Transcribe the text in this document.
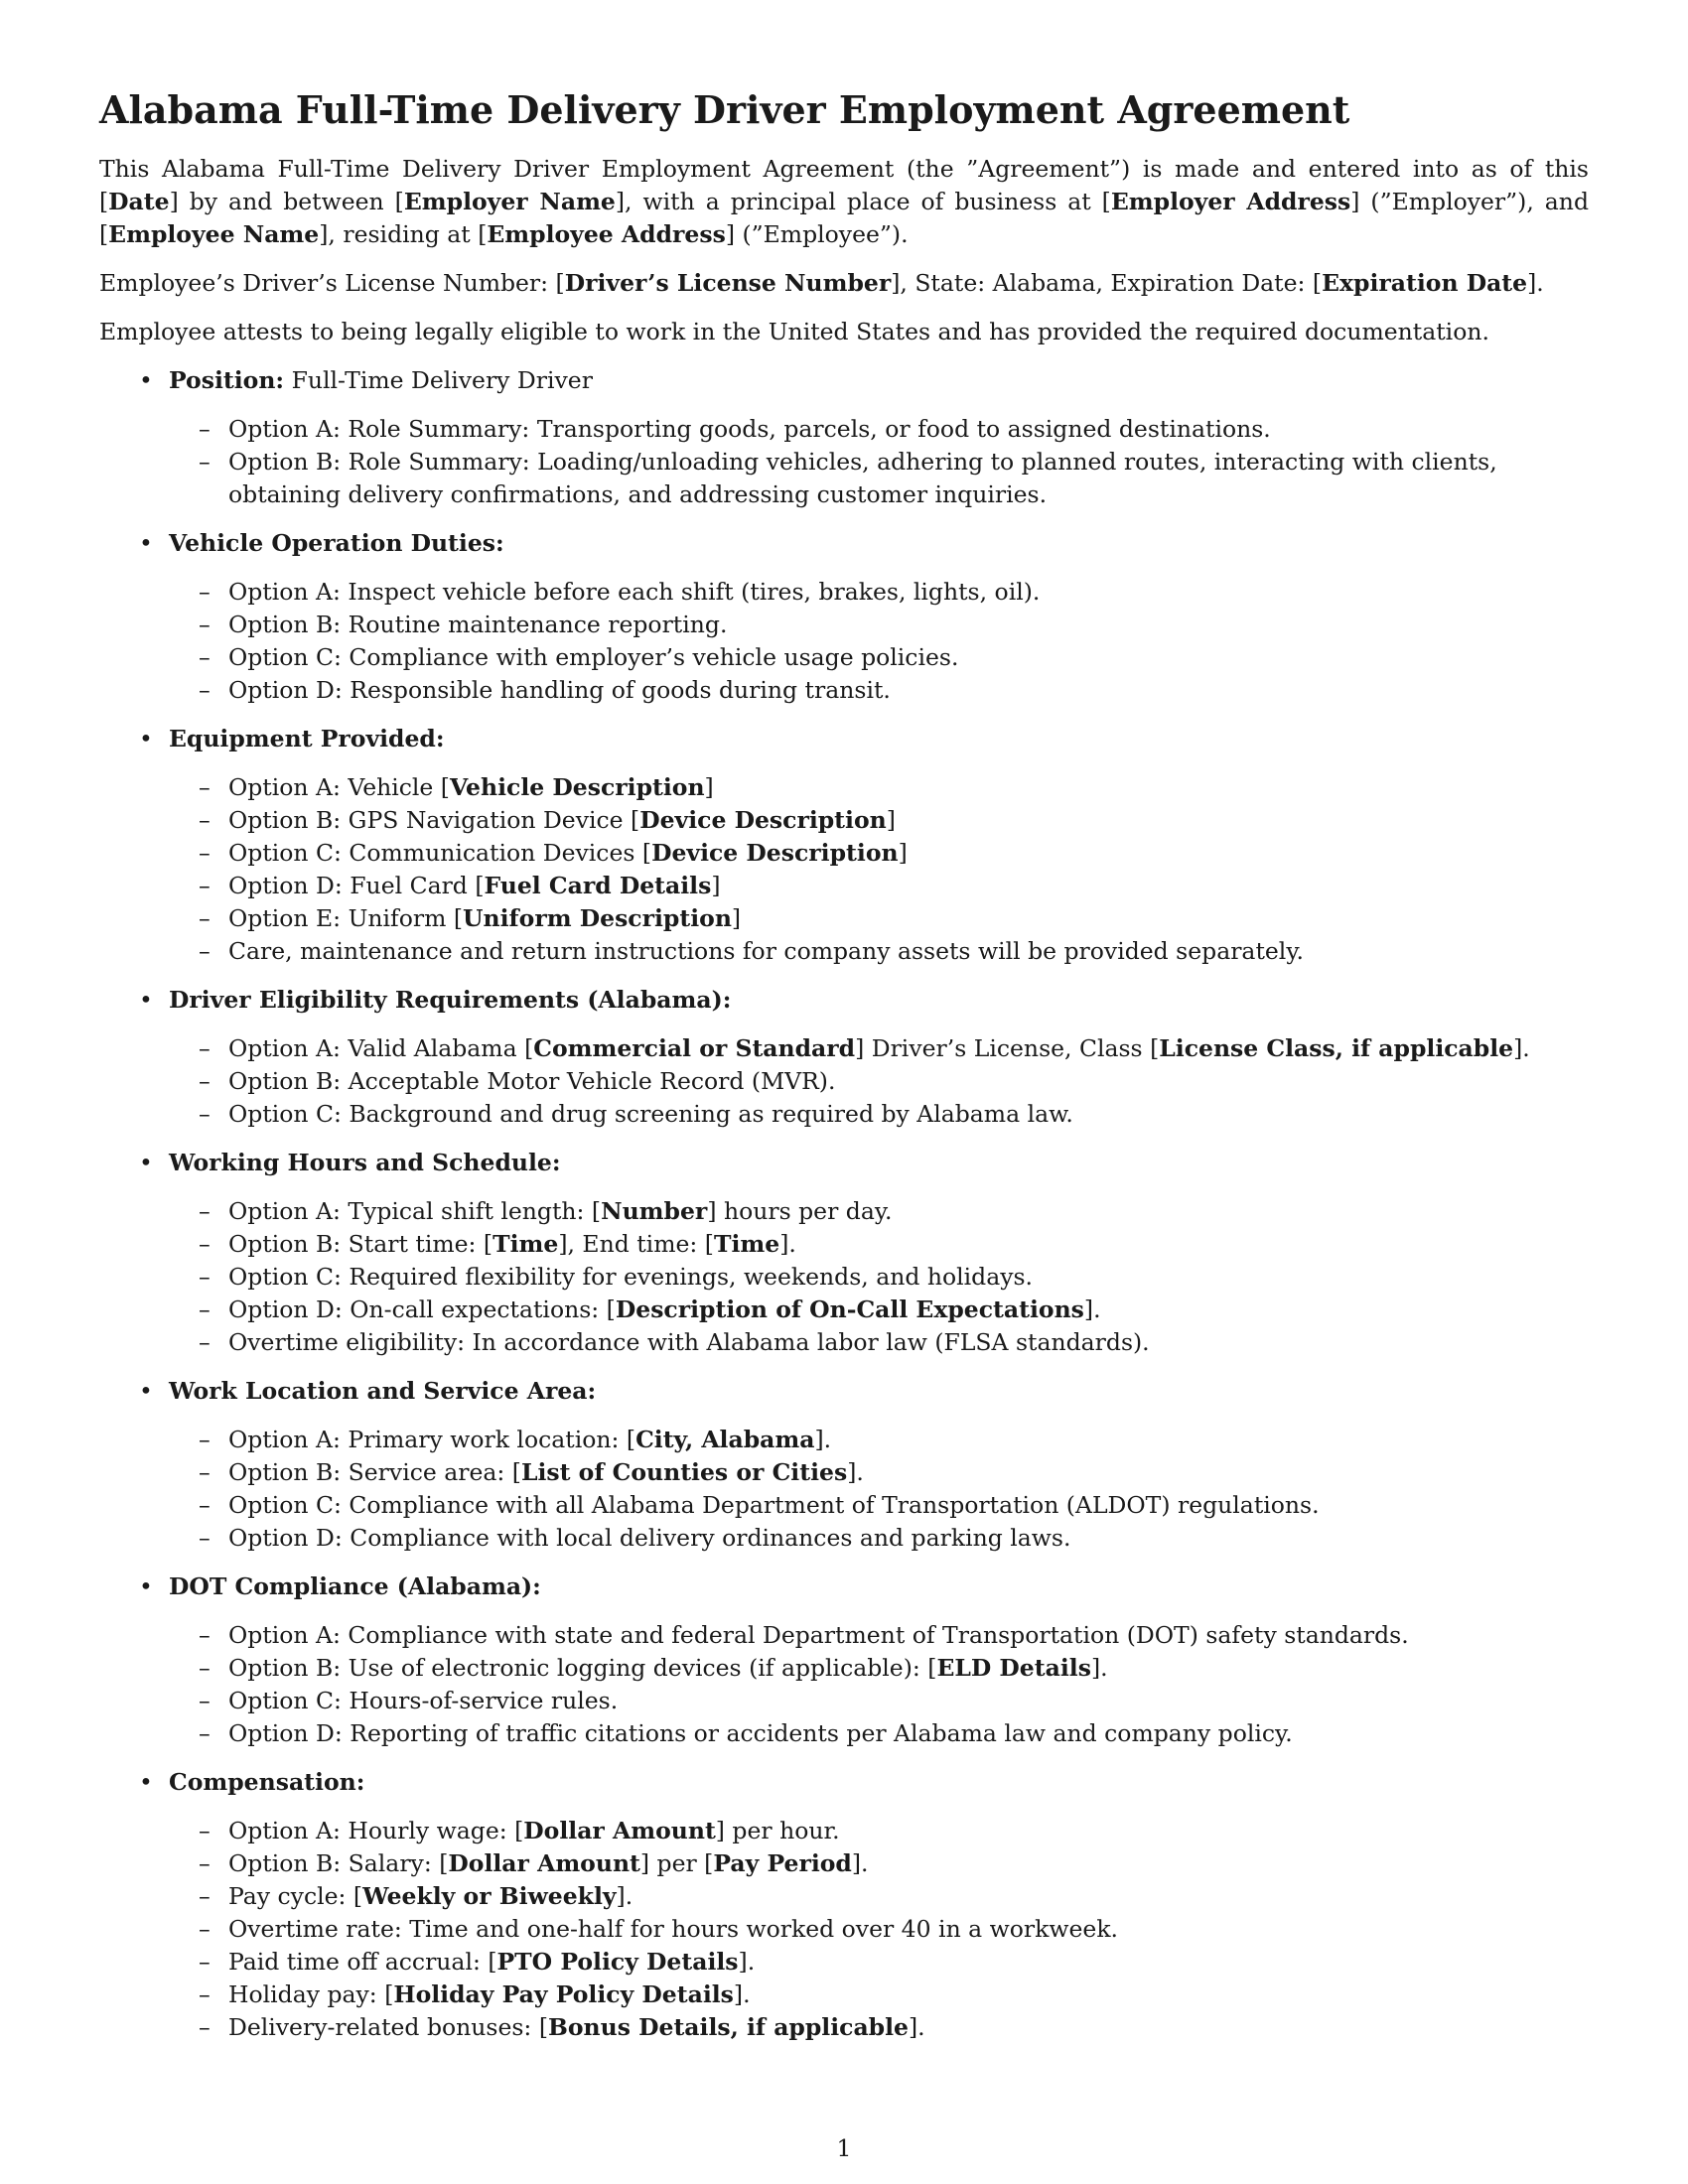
Alabama Full-Time Delivery Driver Employment Agreement

This Alabama Full-Time Delivery Driver Employment Agreement (the ”Agreement”) is made and entered into as of this [Date] by and between [Employer Name], with a principal place of business at [Employer Address] (”Employer”), and [Employee Name], residing at [Employee Address] (”Employee”).

Employee’s Driver’s License Number: [Driver’s License Number], State: Alabama, Expiration Date: [Expiration Date].

Employee attests to being legally eligible to work in the United States and has provided the required documentation.

• Position: Full-Time Delivery Driver
– Option A: Role Summary: Transporting goods, parcels, or food to assigned destinations.
– Option B: Role Summary: Loading/unloading vehicles, adhering to planned routes, interacting with clients, obtaining delivery confirmations, and addressing customer inquiries.
• Vehicle Operation Duties:
– Option A: Inspect vehicle before each shift (tires, brakes, lights, oil).
– Option B: Routine maintenance reporting.
– Option C: Compliance with employer’s vehicle usage policies.
– Option D: Responsible handling of goods during transit.
• Equipment Provided:
– Option A: Vehicle [Vehicle Description]
– Option B: GPS Navigation Device [Device Description]
– Option C: Communication Devices [Device Description]
– Option D: Fuel Card [Fuel Card Details]
– Option E: Uniform [Uniform Description]
– Care, maintenance and return instructions for company assets will be provided separately.
• Driver Eligibility Requirements (Alabama):
– Option A: Valid Alabama [Commercial or Standard] Driver’s License, Class [License Class, if applicable].
– Option B: Acceptable Motor Vehicle Record (MVR).
– Option C: Background and drug screening as required by Alabama law.
• Working Hours and Schedule:
– Option A: Typical shift length: [Number] hours per day.
– Option B: Start time: [Time], End time: [Time].
– Option C: Required flexibility for evenings, weekends, and holidays.
– Option D: On-call expectations: [Description of On-Call Expectations].
– Overtime eligibility: In accordance with Alabama labor law (FLSA standards).
• Work Location and Service Area:
– Option A: Primary work location: [City, Alabama].
– Option B: Service area: [List of Counties or Cities].
– Option C: Compliance with all Alabama Department of Transportation (ALDOT) regulations.
– Option D: Compliance with local delivery ordinances and parking laws.
• DOT Compliance (Alabama):
– Option A: Compliance with state and federal Department of Transportation (DOT) safety standards.
– Option B: Use of electronic logging devices (if applicable): [ELD Details].
– Option C: Hours-of-service rules.
– Option D: Reporting of traffic citations or accidents per Alabama law and company policy.
• Compensation:
– Option A: Hourly wage: [Dollar Amount] per hour.
– Option B: Salary: [Dollar Amount] per [Pay Period].
– Pay cycle: [Weekly or Biweekly].
– Overtime rate: Time and one-half for hours worked over 40 in a workweek.
– Paid time off accrual: [PTO Policy Details].
– Holiday pay: [Holiday Pay Policy Details].
– Delivery-related bonuses: [Bonus Details, if applicable].
1
